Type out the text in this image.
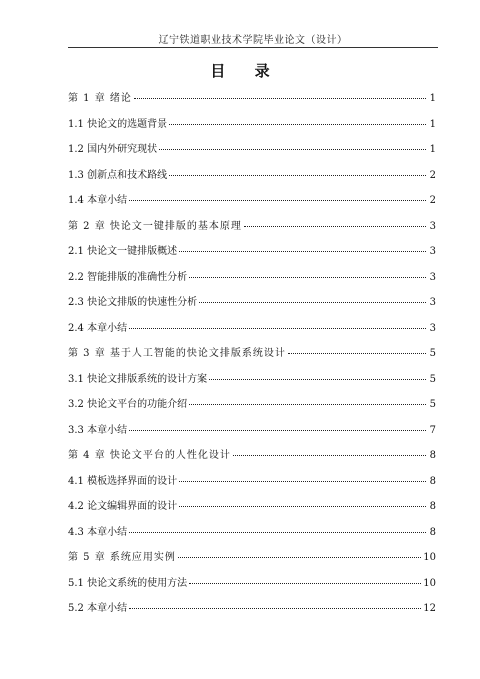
辽宁铁道职业技术学院毕业论文（设计）
目 录
第 1 章 绪论	1
1.1 快论文的选题背景	1
1.2 国内外研究现状	1
1.3 创新点和技术路线	2
1.4 本章小结	2
第 2 章 快论文一键排版的基本原理	3
2.1 快论文一键排版概述	3
2.2 智能排版的准确性分析	3
2.3 快论文排版的快速性分析	3
2.4 本章小结	3
第 3 章 基于人工智能的快论文排版系统设计	5
3.1 快论文排版系统的设计方案	5
3.2 快论文平台的功能介绍	5
3.3 本章小结	7
第 4 章 快论文平台的人性化设计	8
4.1 模板选择界面的设计	8
4.2 论文编辑界面的设计	8
4.3 本章小结	8
第 5 章 系统应用实例	10
5.1 快论文系统的使用方法	10
5.2 本章小结	12
